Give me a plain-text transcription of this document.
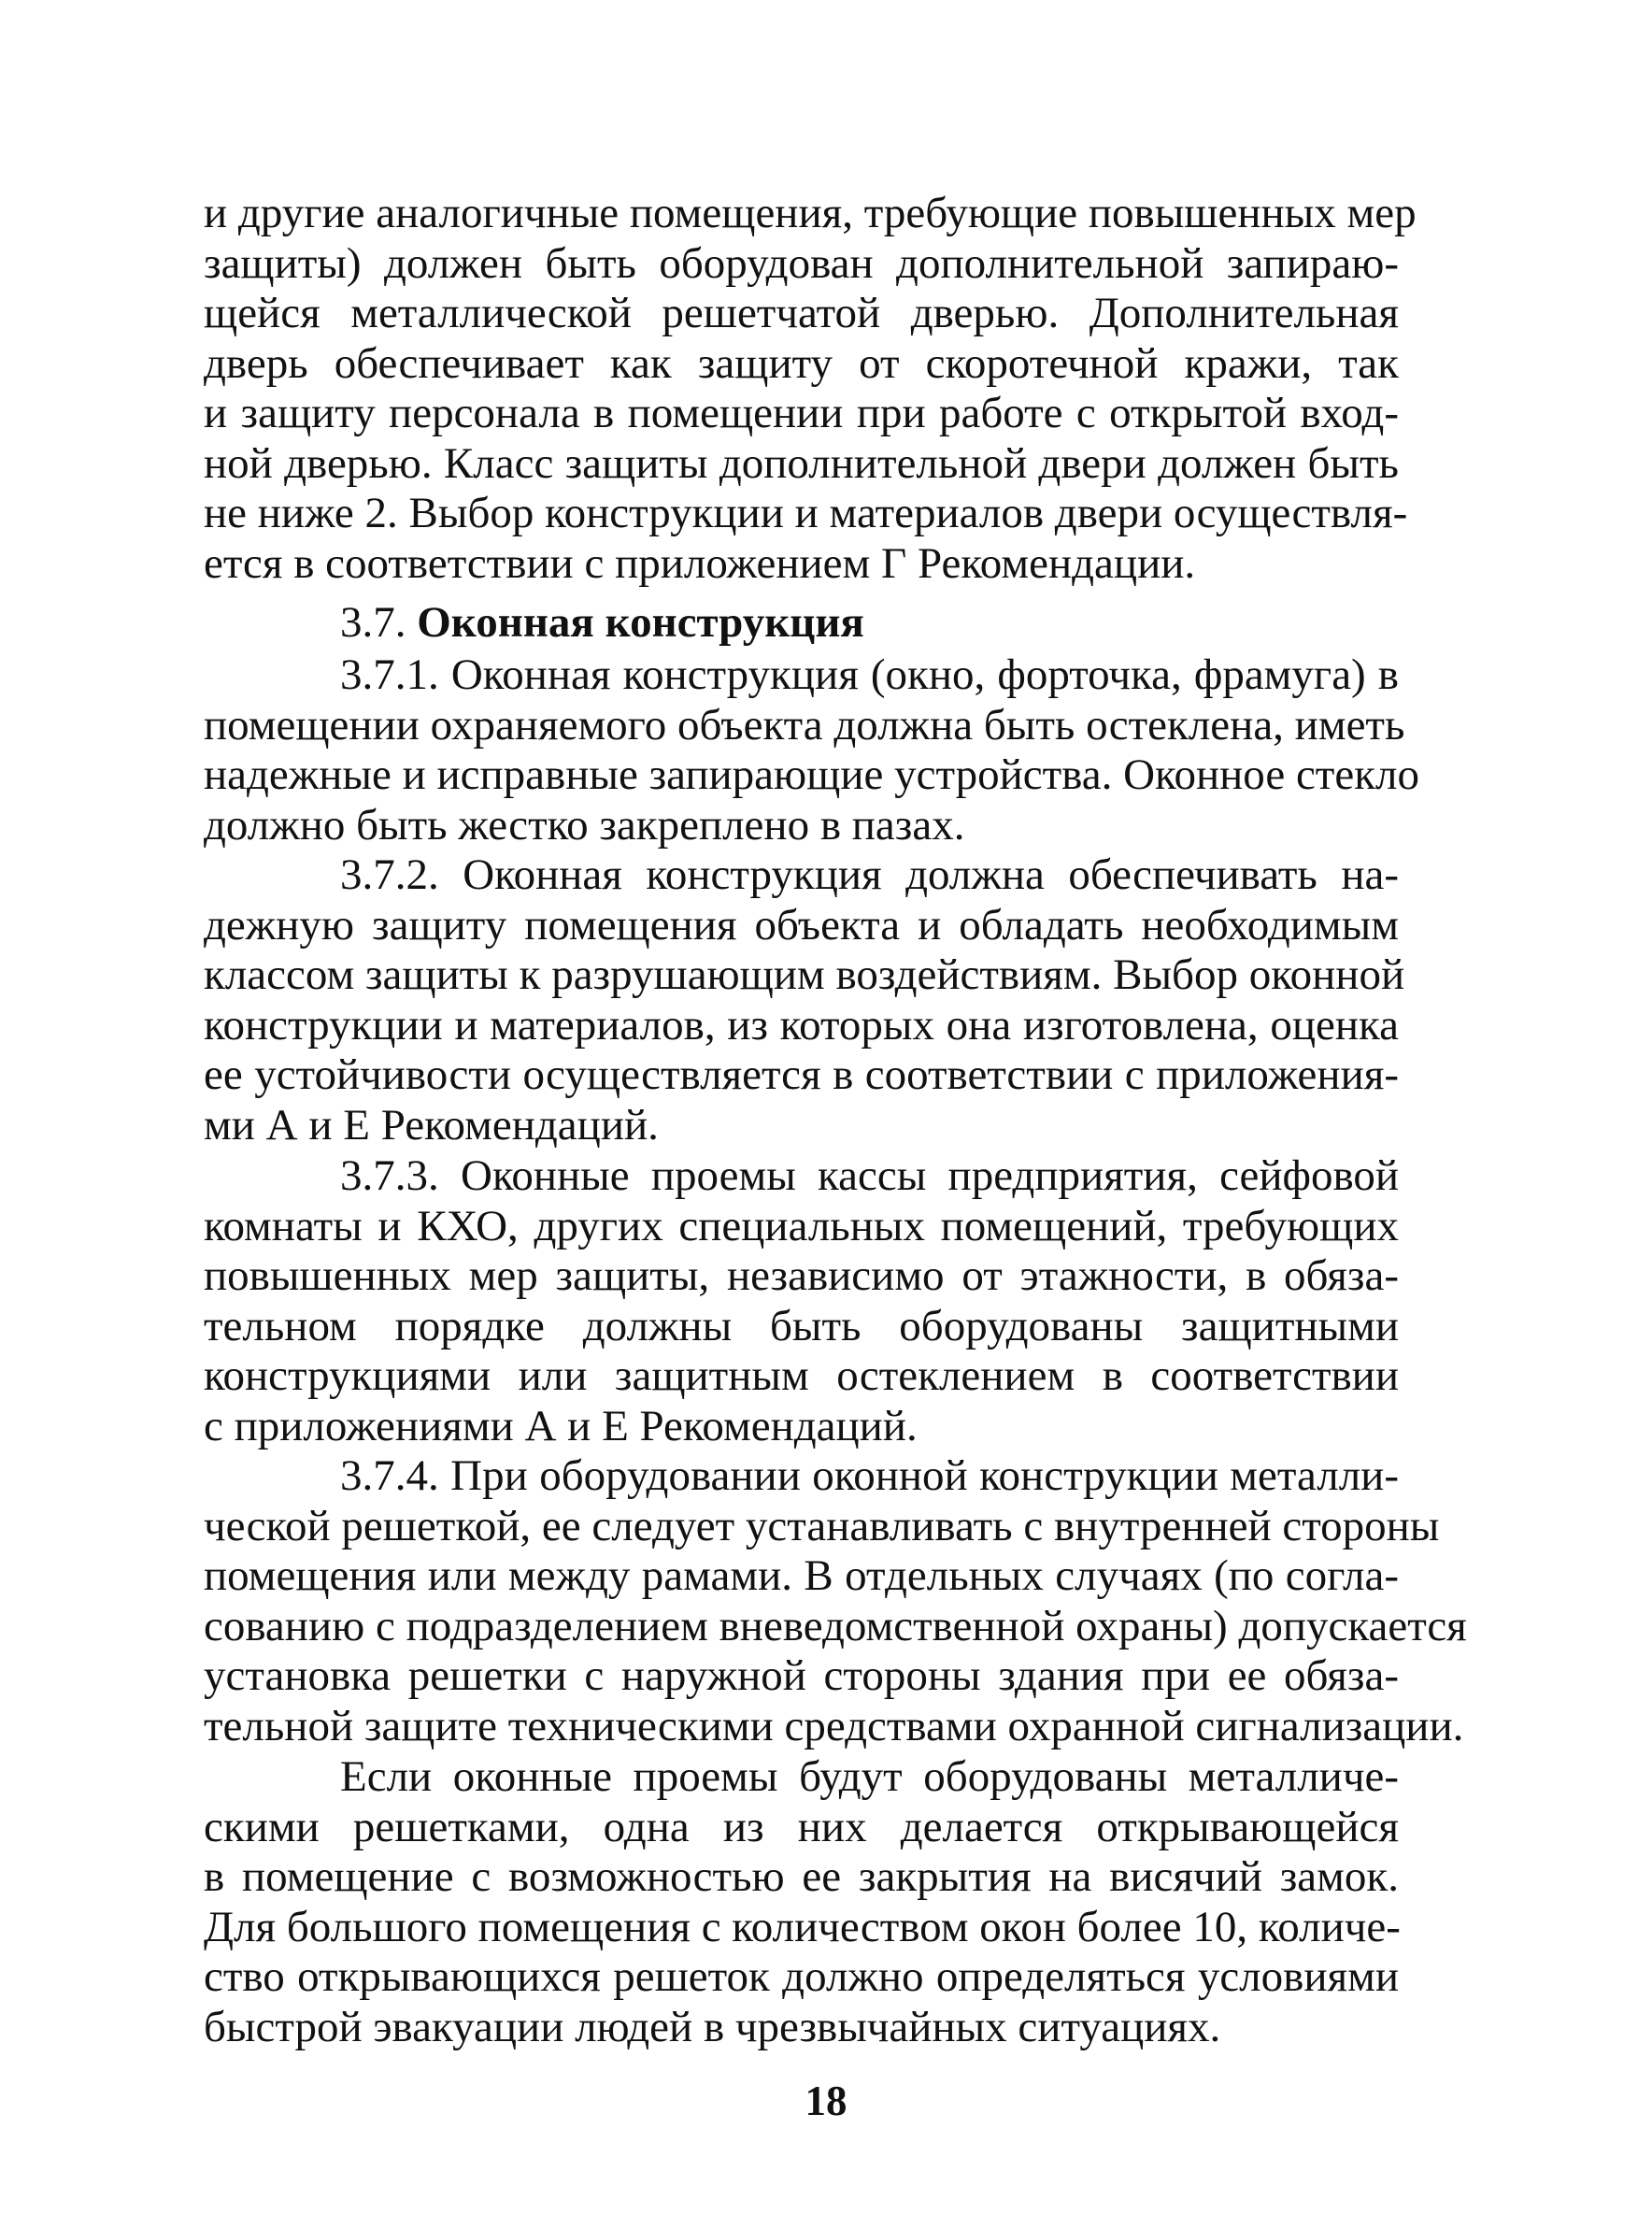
и другие аналогичные помещения, требующие повышенных мер
защиты) должен быть оборудован дополнительной запираю-
щейся металлической решетчатой дверью. Дополнительная
дверь обеспечивает как защиту от скоротечной кражи, так
и защиту персонала в помещении при работе с открытой вход-
ной дверью. Класс защиты дополнительной двери должен быть
не ниже 2. Выбор конструкции и материалов двери осуществля-
ется в соответствии с приложением Г Рекомендации.
3.7. Оконная конструкция
3.7.1. Оконная конструкция (окно, форточка, фрамуга) в
помещении охраняемого объекта должна быть остеклена, иметь
надежные и исправные запирающие устройства. Оконное стекло
должно быть жестко закреплено в пазах.
3.7.2. Оконная конструкция должна обеспечивать на-
дежную защиту помещения объекта и обладать необходимым
классом защиты к разрушающим воздействиям. Выбор оконной
конструкции и материалов, из которых она изготовлена, оценка
ее устойчивости осуществляется в соответствии с приложения-
ми А и Е Рекомендаций.
3.7.3. Оконные проемы кассы предприятия, сейфовой
комнаты и КХО, других специальных помещений, требующих
повышенных мер защиты, независимо от этажности, в обяза-
тельном порядке должны быть оборудованы защитными
конструкциями или защитным остеклением в соответствии
с приложениями А и Е Рекомендаций.
3.7.4. При оборудовании оконной конструкции металли-
ческой решеткой, ее следует устанавливать с внутренней стороны
помещения или между рамами. В отдельных случаях (по согла-
сованию с подразделением вневедомственной охраны) допускается
установка решетки с наружной стороны здания при ее обяза-
тельной защите техническими средствами охранной сигнализации.
Если оконные проемы будут оборудованы металличе-
скими решетками, одна из них делается открывающейся
в помещение с возможностью ее закрытия на висячий замок.
Для большого помещения с количеством окон более 10, количе-
ство открывающихся решеток должно определяться условиями
быстрой эвакуации людей в чрезвычайных ситуациях.
18
